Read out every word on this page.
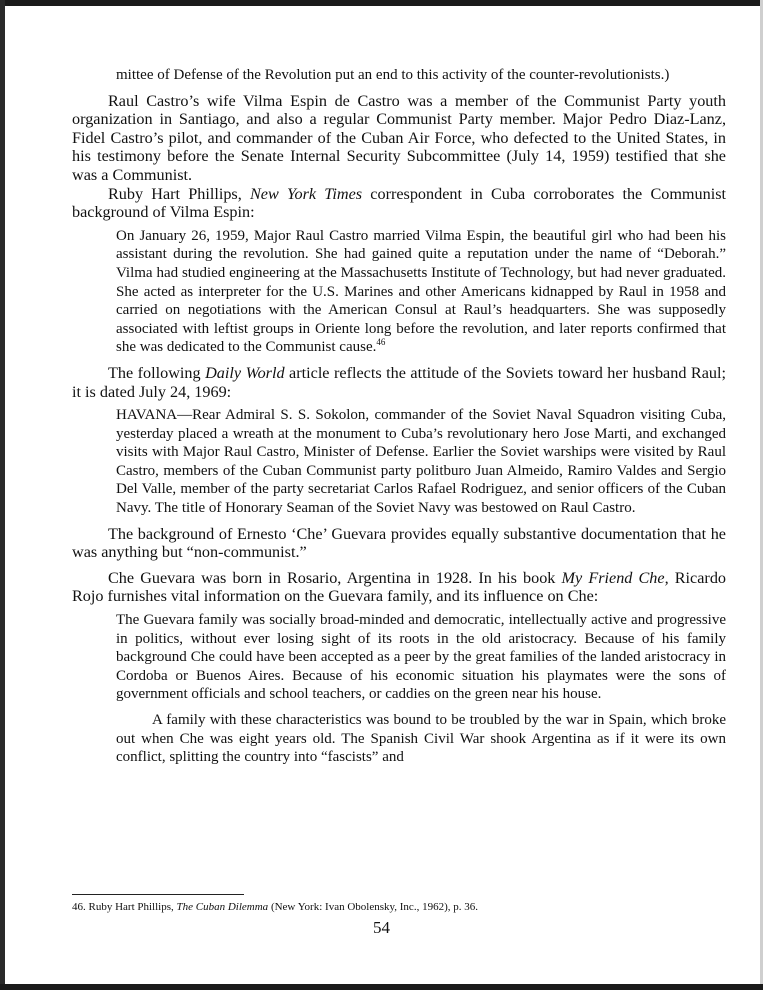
mittee of Defense of the Revolution put an end to this activity of the counter-revolutionists.)

Raul Castro’s wife Vilma Espin de Castro was a member of the Communist Party youth organization in Santiago, and also a regular Communist Party member. Major Pedro Diaz-Lanz, Fidel Castro’s pilot, and commander of the Cuban Air Force, who defected to the United States, in his testimony before the Senate Internal Security Subcommittee (July 14, 1959) testified that she was a Communist.

Ruby Hart Phillips, New York Times correspondent in Cuba corroborates the Communist background of Vilma Espin:

On January 26, 1959, Major Raul Castro married Vilma Espin, the beautiful girl who had been his assistant during the revolution. She had gained quite a reputation under the name of “Deborah.” Vilma had studied engineering at the Massachusetts Institute of Technology, but had never graduated. She acted as interpreter for the U.S. Marines and other Americans kidnapped by Raul in 1958 and carried on negotiations with the American Consul at Raul’s headquarters. She was supposedly associated with leftist groups in Oriente long before the revolution, and later reports confirmed that she was dedicated to the Communist cause.$^{46}$

The following Daily World article reflects the attitude of the Soviets toward her husband Raul; it is dated July 24, 1969:

HAVANA—Rear Admiral S. S. Sokolon, commander of the Soviet Naval Squadron visiting Cuba, yesterday placed a wreath at the monument to Cuba’s revolutionary hero Jose Marti, and exchanged visits with Major Raul Castro, Minister of Defense. Earlier the Soviet warships were visited by Raul Castro, members of the Cuban Communist party politburo Juan Almeido, Ramiro Valdes and Sergio Del Valle, member of the party secretariat Carlos Rafael Rodriguez, and senior officers of the Cuban Navy. The title of Honorary Seaman of the Soviet Navy was bestowed on Raul Castro.

The background of Ernesto ‘Che’ Guevara provides equally substantive documentation that he was anything but “non-communist.”

Che Guevara was born in Rosario, Argentina in 1928. In his book My Friend Che, Ricardo Rojo furnishes vital information on the Guevara family, and its influence on Che:

The Guevara family was socially broad-minded and democratic, intellectually active and progressive in politics, without ever losing sight of its roots in the old aristocracy. Because of his family background Che could have been accepted as a peer by the great families of the landed aristocracy in Cordoba or Buenos Aires. Because of his economic situation his playmates were the sons of government officials and school teachers, or caddies on the green near his house.

A family with these characteristics was bound to be troubled by the war in Spain, which broke out when Che was eight years old. The Spanish Civil War shook Argentina as if it were its own conflict, splitting the country into “fascists” and

46. Ruby Hart Phillips, The Cuban Dilemma (New York: Ivan Obolensky, Inc., 1962), p. 36.

54
